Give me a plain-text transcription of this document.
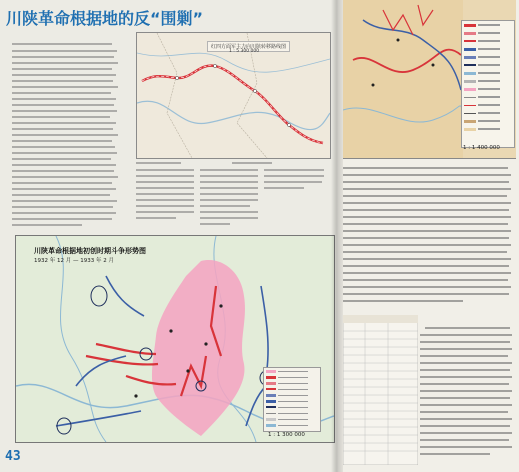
川陕革命根据地的反“围剿”
红四方面军主力向川陕转移路线图
1 : 5 300 000
川陕革命根据地初创时期斗争形势图
1932 年 12 月 — 1933 年 2 月
1 : 1 300 000
43
1 : 1 400 000
